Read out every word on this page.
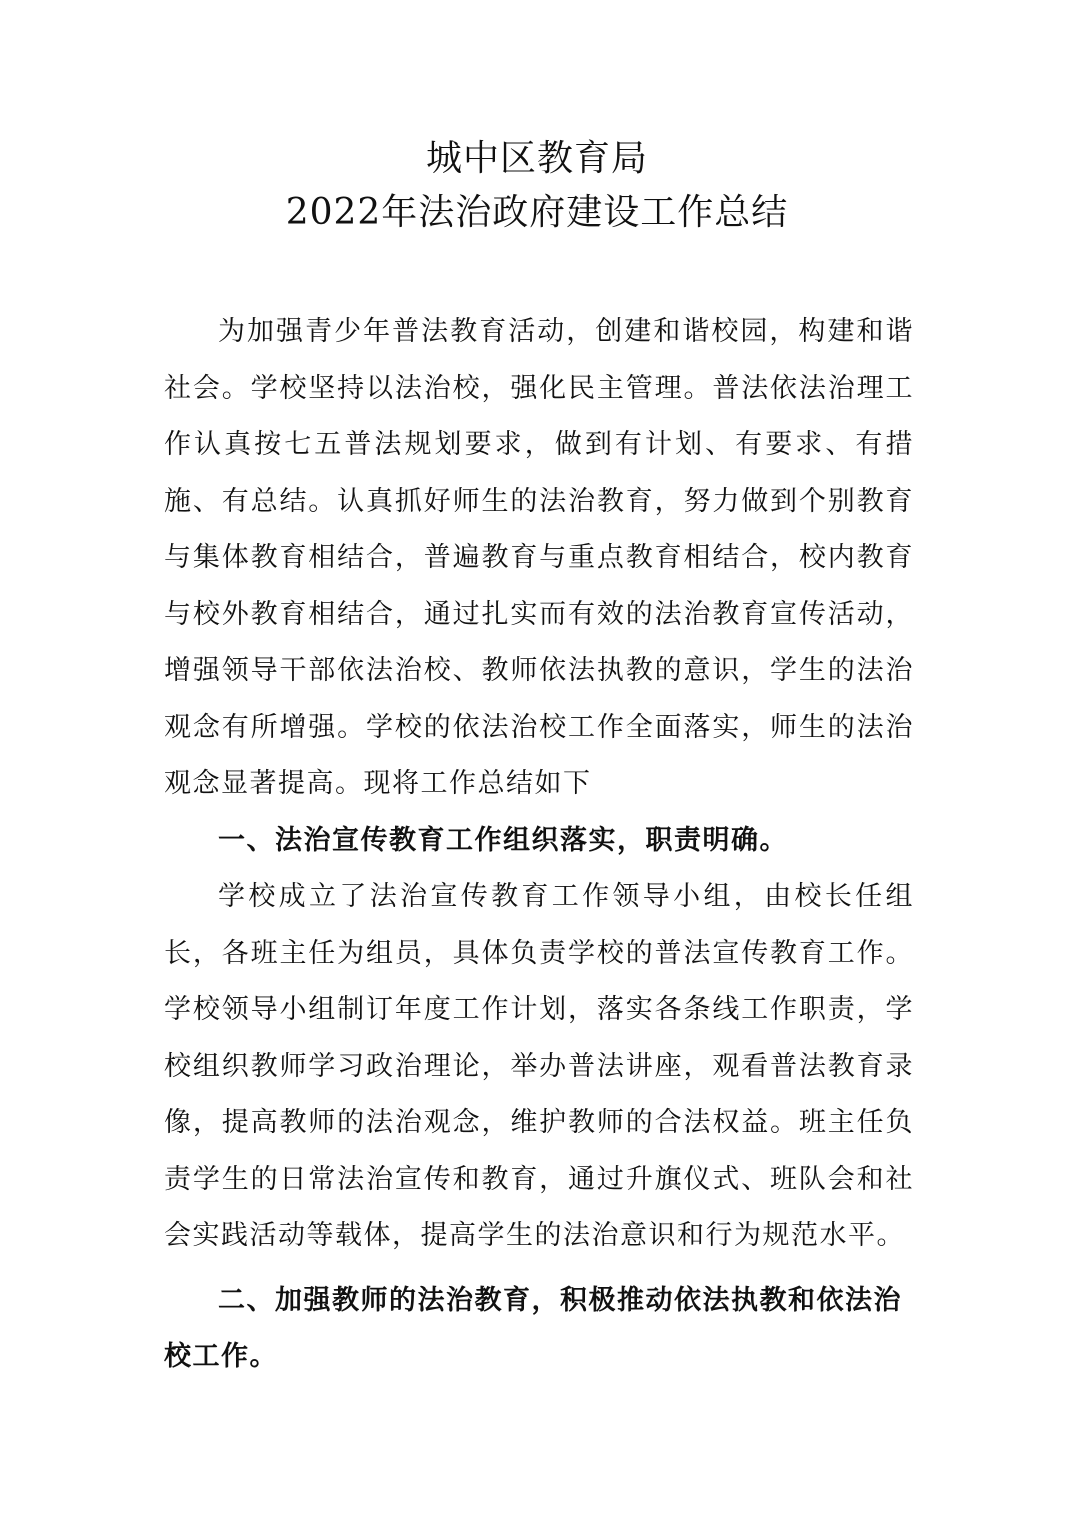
城中区教育局
2022年法治政府建设工作总结

为加强青少年普法教育活动，创建和谐校园，构建和谐社会。学校坚持以法治校，强化民主管理。普法依法治理工作认真按七五普法规划要求，做到有计划、有要求、有措施、有总结。认真抓好师生的法治教育，努力做到个别教育与集体教育相结合，普遍教育与重点教育相结合，校内教育与校外教育相结合，通过扎实而有效的法治教育宣传活动，增强领导干部依法治校、教师依法执教的意识，学生的法治观念有所增强。学校的依法治校工作全面落实，师生的法治观念显著提高。现将工作总结如下

一、法治宣传教育工作组织落实，职责明确。

学校成立了法治宣传教育工作领导小组，由校长任组长，各班主任为组员，具体负责学校的普法宣传教育工作。学校领导小组制订年度工作计划，落实各条线工作职责，学校组织教师学习政治理论，举办普法讲座，观看普法教育录像，提高教师的法治观念，维护教师的合法权益。班主任负责学生的日常法治宣传和教育，通过升旗仪式、班队会和社会实践活动等载体，提高学生的法治意识和行为规范水平。

二、加强教师的法治教育，积极推动依法执教和依法治校工作。
